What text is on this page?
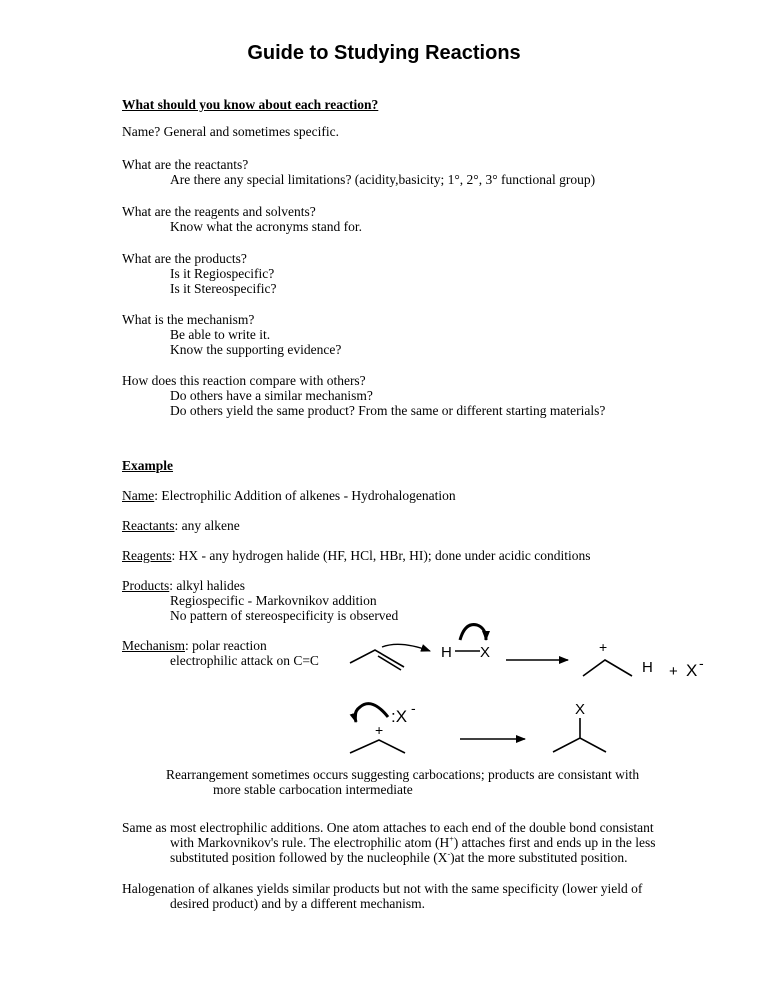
Guide to Studying Reactions
What should you know about each reaction?
Name? General and sometimes specific.
What are the reactants?
Are there any special limitations? (acidity,basicity; 1°, 2°, 3° functional group)
What are the reagents and solvents?
Know what the acronyms stand for.
What are the products?
Is it Regiospecific?
Is it Stereospecific?
What is the mechanism?
Be able to write it.
Know the supporting evidence?
How does this reaction compare with others?
Do others have a similar mechanism?
Do others yield the same product? From the same or different starting materials?
Example
Name: Electrophilic Addition of alkenes - Hydrohalogenation
Reactants: any alkene
Reagents: HX - any hydrogen halide (HF, HCl, HBr, HI); done under acidic conditions
Products: alkyl halides
Regiospecific - Markovnikov addition
No pattern of stereospecificity is observed
Mechanism: polar reaction
electrophilic attack on C=C	H X	+
H + X -
:X -
+
X
Rearrangement sometimes occurs suggesting carbocations; products are consistant with
more stable carbocation intermediate
Same as most electrophilic additions. One atom attaches to each end of the double bond consistant
with Markovnikov's rule. The electrophilic atom (H+) attaches first and ends up in the less
substituted position followed by the nucleophile (X-)at the more substituted position.
Halogenation of alkanes yields similar products but not with the same specificity (lower yield of
desired product) and by a different mechanism.
